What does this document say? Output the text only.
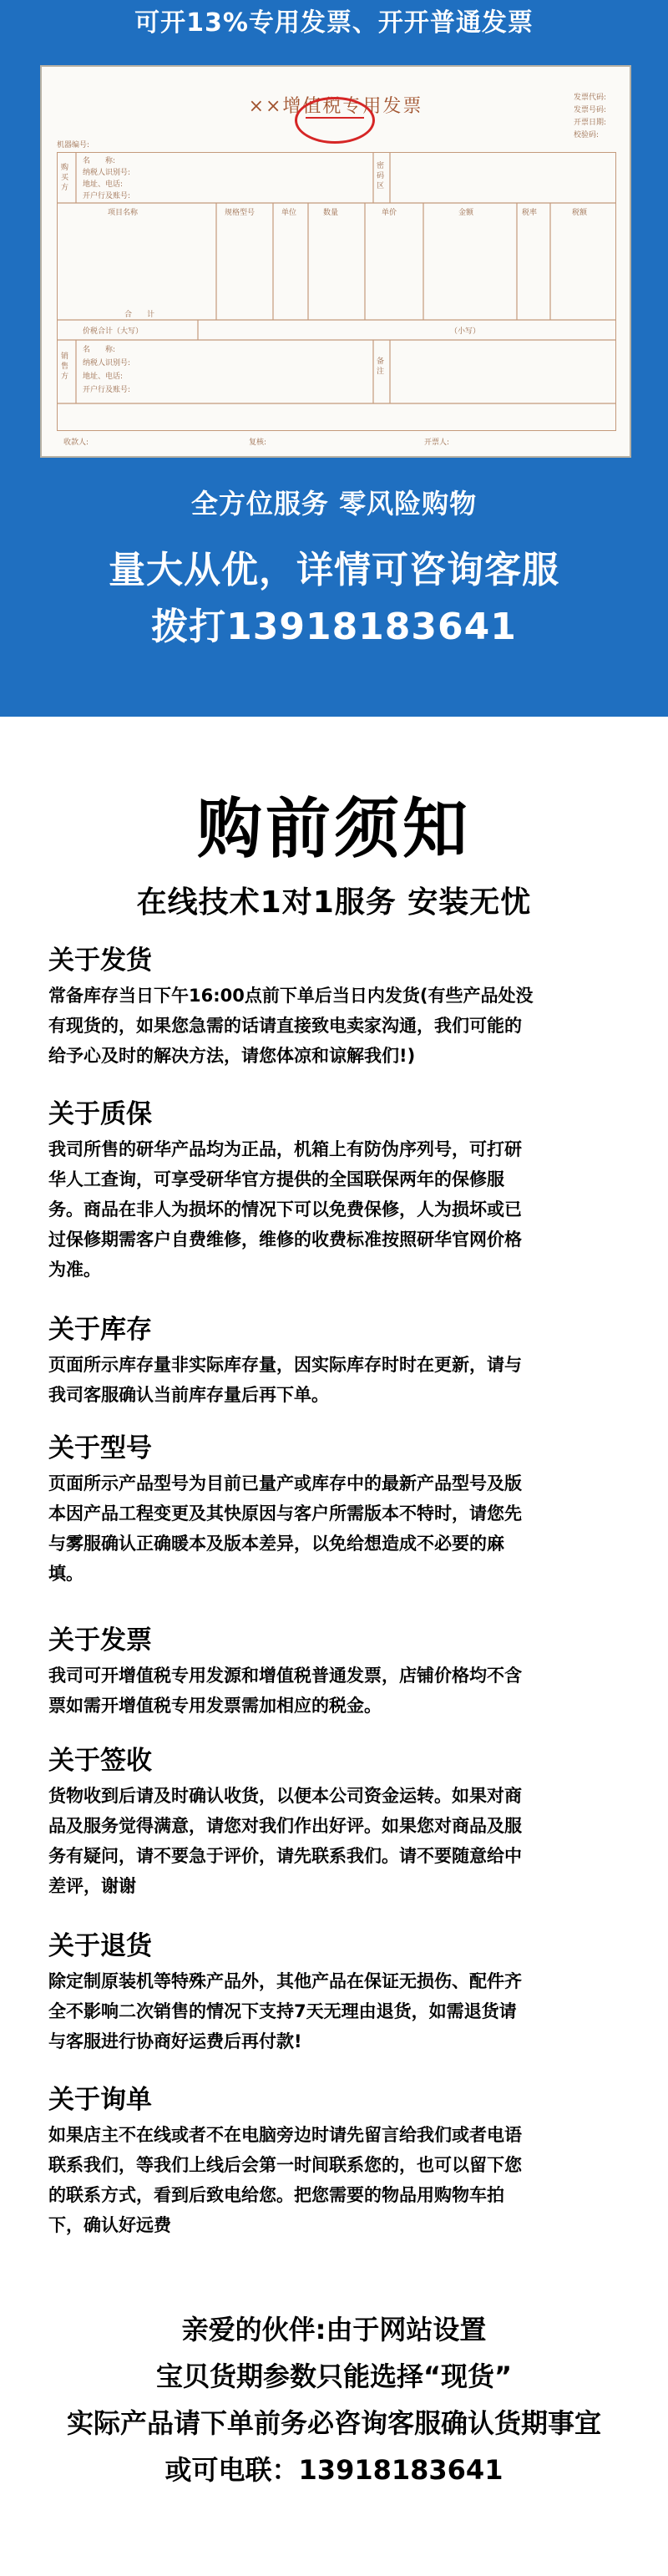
可开13%专用发票、开开普通发票
××增值税专用发票	发票代码:
发票号码:
开票日期:
校验码:
机器编号:
购买方
名　　称:
纳税人识别号:
地址、电话:
开户行及账号:
密码区
项目名称	规格型号	单位	数量	单价	金额	税率	税额
合　　计
价税合计（大写）	（小写）
销售方
名　　称:
纳税人识别号:
地址、电话:
开户行及账号:
备注
收款人:	复核:	开票人:
全方位服务 零风险购物
量大从优，详情可咨询客服
拨打13918183641
购前须知
在线技术1对1服务 安装无忧
关于发货
常备库存当日下午16:00点前下单后当日内发货(有些产品处没
有现货的，如果您急需的话请直接致电卖家沟通，我们可能的
给予心及时的解决方法，请您体凉和谅解我们!)
关于质保
我司所售的研华产品均为正品，机箱上有防伪序列号，可打研
华人工查询，可享受研华官方提供的全国联保两年的保修服
务。商品在非人为损坏的情况下可以免费保修，人为损坏或已
过保修期需客户自费维修，维修的收费标准按照研华官网价格
为准。
关于库存
页面所示库存量非实际库存量，因实际库存时时在更新，请与
我司客服确认当前库存量后再下单。
关于型号
页面所示产品型号为目前已量产或库存中的最新产品型号及版
本因产品工程变更及其快原因与客户所需版本不特时，请您先
与雾服确认正确暖本及版本差异，以免给想造成不必要的麻
填。
关于发票
我司可开增值税专用发源和增值税普通发票，店铺价格均不含
票如需开增值税专用发票需加相应的税金。
关于签收
货物收到后请及时确认收货，以便本公司资金运转。如果对商
品及服务觉得满意，请您对我们作出好评。如果您对商品及服
务有疑问，请不要急于评价，请先联系我们。请不要随意给中
差评，谢谢
关于退货
除定制原装机等特殊产品外，其他产品在保证无损伤、配件齐
全不影响二次销售的情况下支持7天无理由退货，如需退货请
与客服进行协商好运费后再付款!
关于询单
如果店主不在线或者不在电脑旁边时请先留言给我们或者电语
联系我们，等我们上线后会第一时间联系您的，也可以留下您
的联系方式，看到后致电给您。把您需要的物品用购物车拍
下，确认好远费
亲爱的伙伴:由于网站设置
宝贝货期参数只能选择“现货”
实际产品请下单前务必咨询客服确认货期事宜
或可电联：13918183641
